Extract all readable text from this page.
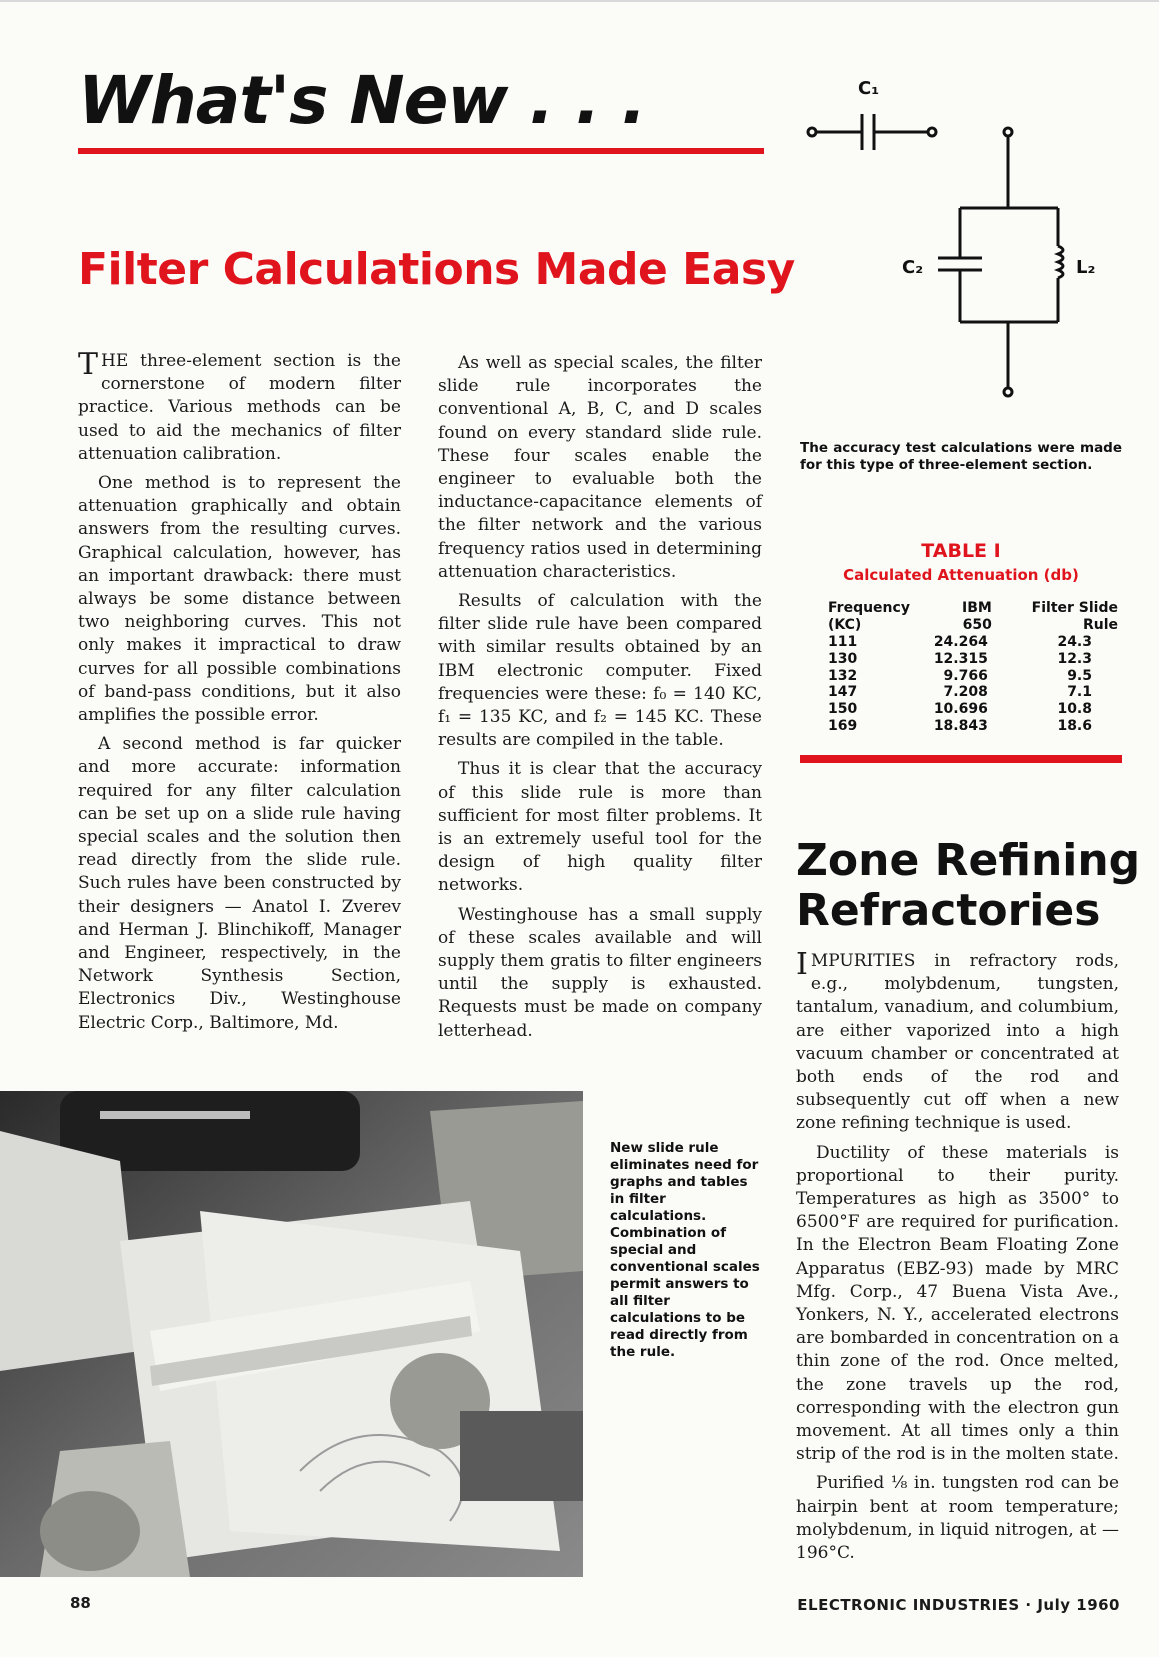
What's New . . .
Filter Calculations Made Easy

THE three-element section is the cornerstone of modern filter practice. Various methods can be used to aid the mechanics of filter attenuation calibration.

One method is to represent the attenuation graphically and obtain answers from the resulting curves. Graphical calculation, however, has an important drawback: there must always be some distance between two neighboring curves. This not only makes it impractical to draw curves for all possible combinations of band-pass conditions, but it also amplifies the possible error.

A second method is far quicker and more accurate: information required for any filter calculation can be set up on a slide rule having special scales and the solution then read directly from the slide rule. Such rules have been constructed by their designers — Anatol I. Zverev and Herman J. Blinchikoff, Manager and Engineer, respectively, in the Network Synthesis Section, Electronics Div., Westinghouse Electric Corp., Baltimore, Md.

As well as special scales, the filter slide rule incorporates the conventional A, B, C, and D scales found on every standard slide rule. These four scales enable the engineer to evaluable both the inductance-capacitance elements of the filter network and the various frequency ratios used in determining attenuation characteristics.

Results of calculation with the filter slide rule have been compared with similar results obtained by an IBM electronic computer. Fixed frequencies were these: f₀ = 140 KC, f₁ = 135 KC, and f₂ = 145 KC. These results are compiled in the table.

Thus it is clear that the accuracy of this slide rule is more than sufficient for most filter problems. It is an extremely useful tool for the design of high quality filter networks.

Westinghouse has a small supply of these scales available and will supply them gratis to filter engineers until the supply is exhausted. Requests must be made on company letterhead.

C₁
C₂	L₂
The accuracy test calculations were made for this type of three-element section.
TABLE I
Calculated Attenuation (db)
Frequency (KC)	IBM 650	Filter Slide Rule
111	24.264	24.3
130	12.315	12.3
132	9.766	9.5
147	7.208	7.1
150	10.696	10.8
169	18.843	18.6
Zone Refining
Refractories

IMPURITIES in refractory rods, e.g., molybdenum, tungsten, tantalum, vanadium, and columbium, are either vaporized into a high vacuum chamber or concentrated at both ends of the rod and subsequently cut off when a new zone refining technique is used.

Ductility of these materials is proportional to their purity. Temperatures as high as 3500° to 6500°F are required for purification. In the Electron Beam Floating Zone Apparatus (EBZ-93) made by MRC Mfg. Corp., 47 Buena Vista Ave., Yonkers, N. Y., accelerated electrons are bombarded in concentration on a thin zone of the rod. Once melted, the zone travels up the rod, corresponding with the electron gun movement. At all times only a thin strip of the rod is in the molten state.

Purified ⅛ in. tungsten rod can be hairpin bent at room temperature; molybdenum, in liquid nitrogen, at —196°C.

New slide rule eliminates need for graphs and tables in filter calculations. Combination of special and conventional scales permit answers to all filter calculations to be read directly from the rule.
88	ELECTRONIC INDUSTRIES · July 1960
